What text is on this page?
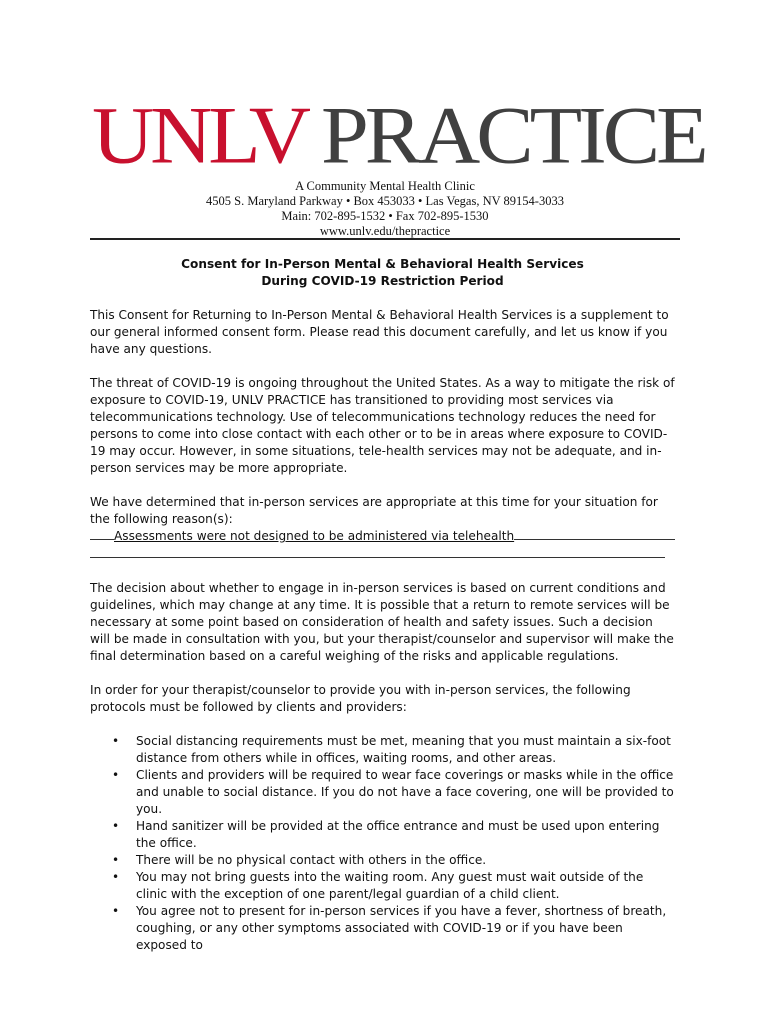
UNLV PRACTICE
A Community Mental Health Clinic
4505 S. Maryland Parkway • Box 453033 • Las Vegas, NV 89154-3033
Main: 702-895-1532 • Fax 702-895-1530
www.unlv.edu/thepractice
Consent for In-Person Mental & Behavioral Health Services
During COVID-19 Restriction Period

This Consent for Returning to In-Person Mental & Behavioral Health Services is a supplement to our general informed consent form. Please read this document carefully, and let us know if you have any questions.

The threat of COVID-19 is ongoing throughout the United States. As a way to mitigate the risk of exposure to COVID-19, UNLV PRACTICE has transitioned to providing most services via telecommunications technology. Use of telecommunications technology reduces the need for persons to come into close contact with each other or to be in areas where exposure to COVID-19 may occur. However, in some situations, tele-health services may not be adequate, and in-person services may be more appropriate.

We have determined that in-person services are appropriate at this time for your situation for the following reason(s):

Assessments were not designed to be administered via telehealth

The decision about whether to engage in in-person services is based on current conditions and guidelines, which may change at any time. It is possible that a return to remote services will be necessary at some point based on consideration of health and safety issues. Such a decision will be made in consultation with you, but your therapist/counselor and supervisor will make the final determination based on a careful weighing of the risks and applicable regulations.

In order for your therapist/counselor to provide you with in-person services, the following protocols must be followed by clients and providers:

• Social distancing requirements must be met, meaning that you must maintain a six-foot distance from others while in offices, waiting rooms, and other areas.
• Clients and providers will be required to wear face coverings or masks while in the office and unable to social distance. If you do not have a face covering, one will be provided to you.
• Hand sanitizer will be provided at the office entrance and must be used upon entering the office.
• There will be no physical contact with others in the office.
• You may not bring guests into the waiting room. Any guest must wait outside of the clinic with the exception of one parent/legal guardian of a child client.
• You agree not to present for in-person services if you have a fever, shortness of breath, coughing, or any other symptoms associated with COVID-19 or if you have been exposed to
